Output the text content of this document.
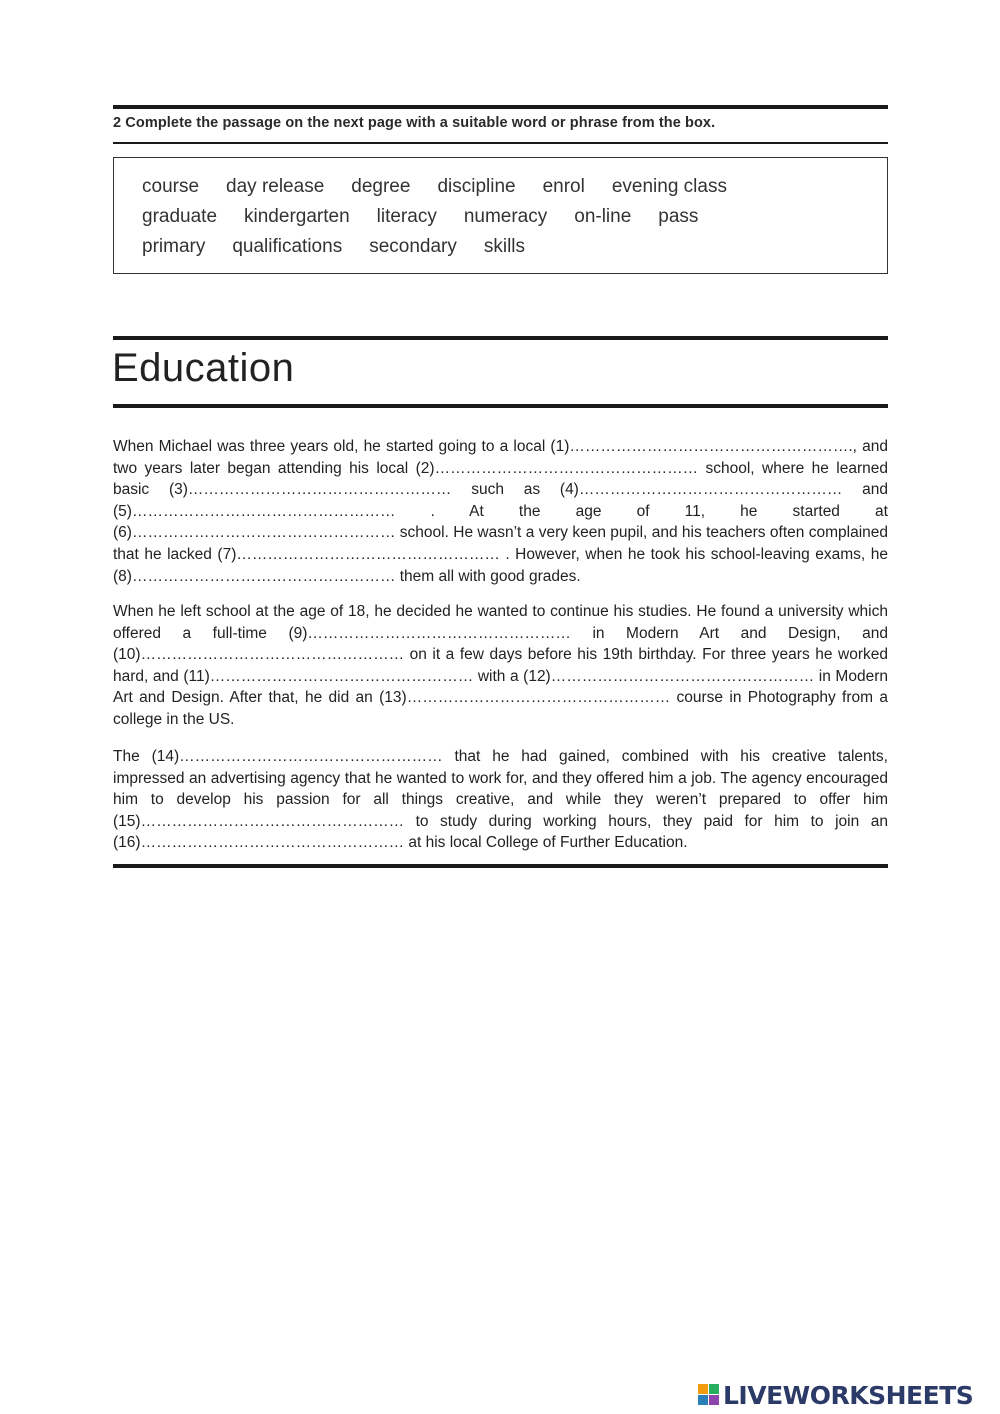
2 Complete the passage on the next page with a suitable word or phrase from the box.
course day release degree discipline enrol evening class
graduate kindergarten literacy numeracy on-line pass
primary qualifications secondary skills
Education

When Michael was three years old, he started going to a local (1)………………………………………………., and two years later began attending his local (2)…………………………………………… school, where he learned basic (3)…………………………………………… such as (4)…………………………………………… and (5)…………………………………………… . At the age of 11, he started at (6)…………………………………………… school. He wasn’t a very keen pupil, and his teachers often complained that he lacked (7)…………………………………………… . However, when he took his school-leaving exams, he (8)…………………………………………… them all with good grades.

When he left school at the age of 18, he decided he wanted to continue his studies. He found a university which offered a full-time (9)…………………………………………… in Modern Art and Design, and (10)…………………………………………… on it a few days before his 19th birthday. For three years he worked hard, and (11)…………………………………………… with a (12)…………………………………………… in Modern Art and Design. After that, he did an (13)…………………………………………… course in Photography from a college in the US.

The (14)…………………………………………… that he had gained, combined with his creative talents, impressed an advertising agency that he wanted to work for, and they offered him a job. The agency encouraged him to develop his passion for all things creative, and while they weren’t prepared to offer him (15)…………………………………………… to study during working hours, they paid for him to join an (16)…………………………………………… at his local College of Further Education.

LIVEWORKSHEETS
